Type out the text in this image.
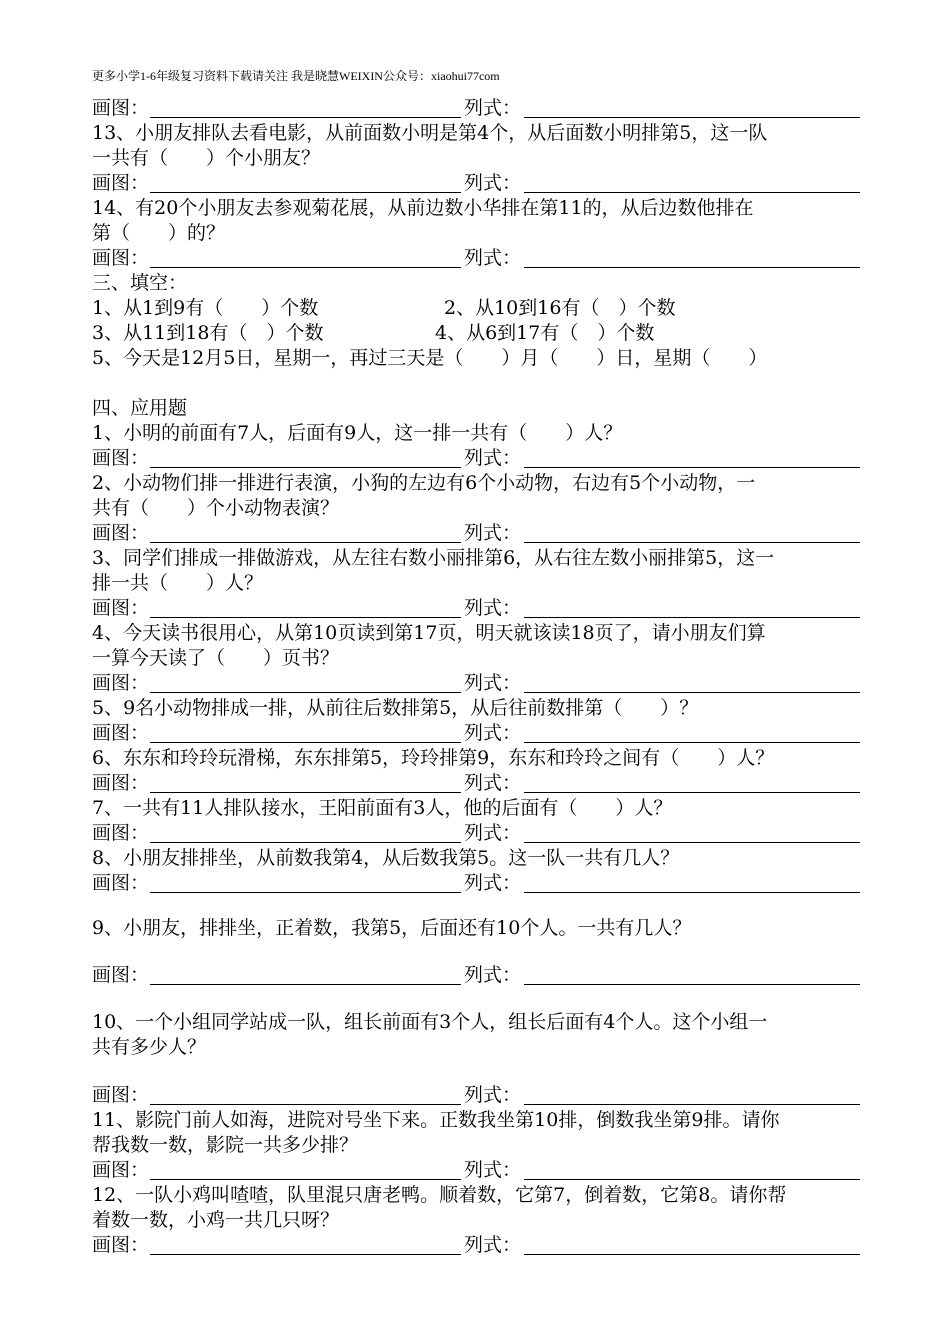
更多小学1-6年级复习资料下载请关注 我是晓慧WEIXIN公众号：xiaohui77com
画图：	列式：
13、小朋友排队去看电影，从前面数小明是第4个，从后面数小明排第5，这一队
一共有（　　）个小朋友？
画图：	列式：
14、有20个小朋友去参观菊花展，从前边数小华排在第11的，从后边数他排在
第（　　）的？
画图：	列式：
三、填空：
1、从1到9有（　　）个数	2、从10到16有（　）个数
3、从11到18有（　）个数	4、从6到17有（　）个数
5、今天是12月5日，星期一，再过三天是（　　）月（　　）日，星期（　　）
四、应用题
1、小明的前面有7人，后面有9人，这一排一共有（　　）人？
画图：	列式：
2、小动物们排一排进行表演，小狗的左边有6个小动物，右边有5个小动物，一
共有（　　）个小动物表演？
画图：	列式：
3、同学们排成一排做游戏，从左往右数小丽排第6，从右往左数小丽排第5，这一
排一共（　　）人？
画图：	列式：
4、今天读书很用心，从第10页读到第17页，明天就该读18页了，请小朋友们算
一算今天读了（　　）页书？
画图：	列式：
5、9名小动物排成一排，从前往后数排第5，从后往前数排第（　　）？
画图：	列式：
6、东东和玲玲玩滑梯，东东排第5，玲玲排第9，东东和玲玲之间有（　　）人？
画图：	列式：
7、一共有11人排队接水，王阳前面有3人，他的后面有（　　）人？
画图：	列式：
8、小朋友排排坐，从前数我第4，从后数我第5。这一队一共有几人？
画图：	列式：
9、小朋友，排排坐，正着数，我第5，后面还有10个人。一共有几人？
画图：	列式：
10、一个小组同学站成一队，组长前面有3个人，组长后面有4个人。这个小组一
共有多少人？
画图：	列式：
11、影院门前人如海，进院对号坐下来。正数我坐第10排，倒数我坐第9排。请你
帮我数一数，影院一共多少排？
画图：	列式：
12、一队小鸡叫喳喳，队里混只唐老鸭。顺着数，它第7，倒着数，它第8。请你帮
着数一数，小鸡一共几只呀？
画图：	列式：
